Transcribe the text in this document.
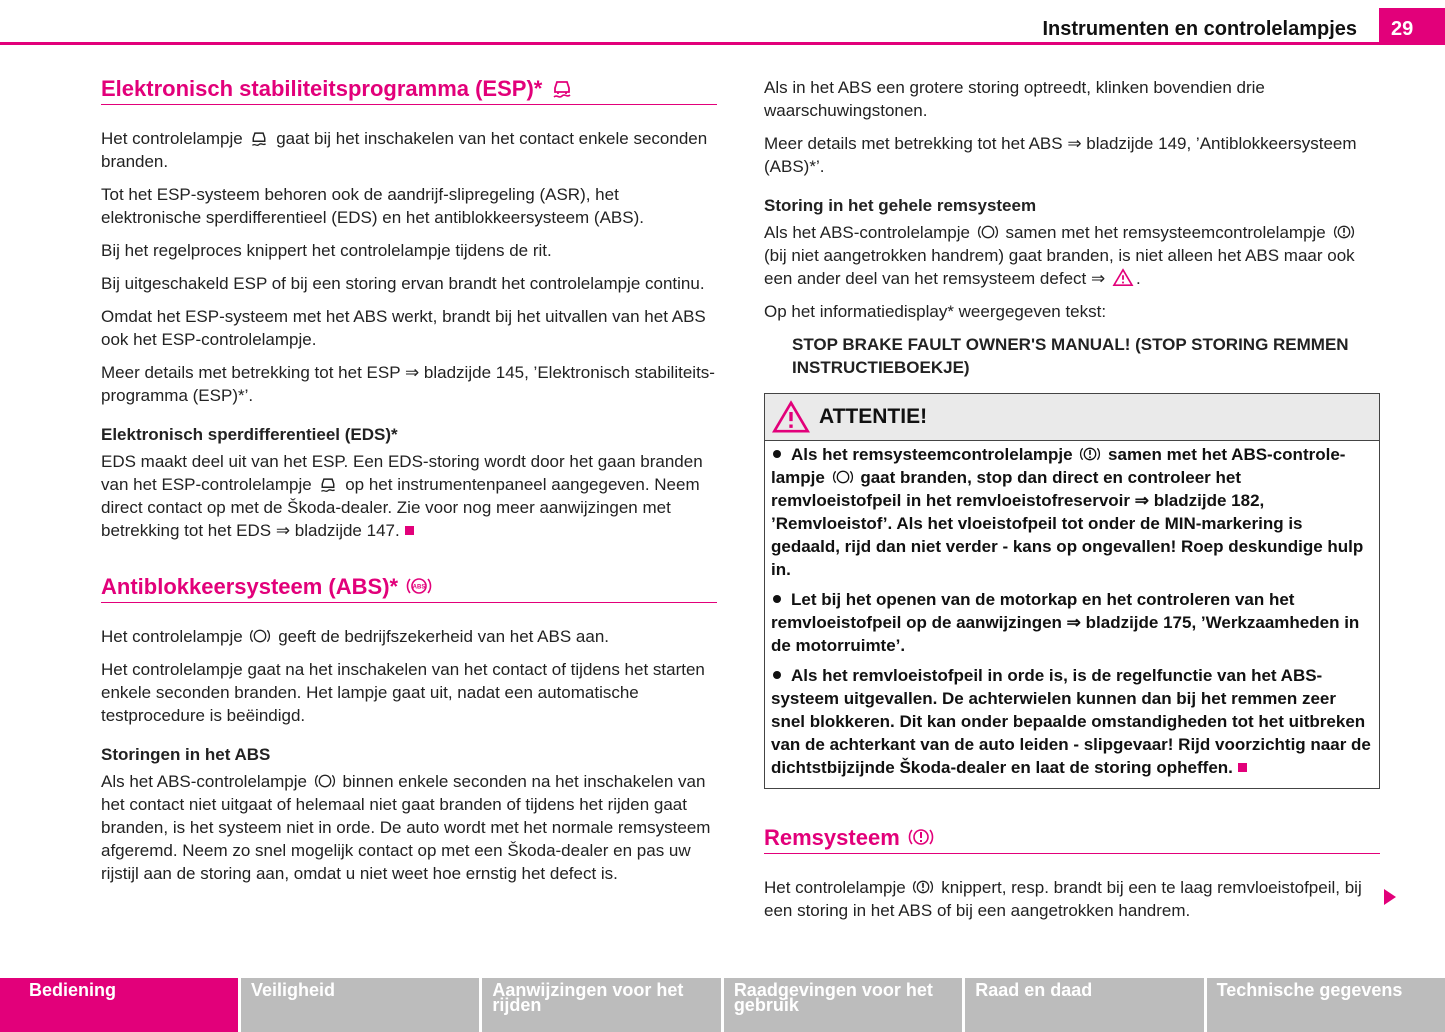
Instrumenten en controlelampjes	29
Elektronisch stabiliteitsprogramma (ESP)*

Het controlelampje gaat bij het inschakelen van het contact enkele seconden branden.

Tot het ESP-systeem behoren ook de aandrijf-slipregeling (ASR), het elektronische sperdifferentieel (EDS) en het antiblokkeersysteem (ABS).

Bij het regelproces knippert het controlelampje tijdens de rit.

Bij uitgeschakeld ESP of bij een storing ervan brandt het controlelampje continu.

Omdat het ESP-systeem met het ABS werkt, brandt bij het uitvallen van het ABS ook het ESP-controlelampje.

Meer details met betrekking tot het ESP ⇒ bladzijde 145, ’Elektronisch stabiliteitsprogramma (ESP)*’.

Elektronisch sperdifferentieel (EDS)*

EDS maakt deel uit van het ESP. Een EDS-storing wordt door het gaan branden van het ESP-controlelampje op het instrumentenpaneel aangegeven. Neem direct contact op met de Škoda-dealer. Zie voor nog meer aanwijzingen met betrekking tot het EDS ⇒ bladzijde 147.

Antiblokkeersysteem (ABS)* ABS

Het controlelampje geeft de bedrijfszekerheid van het ABS aan.

Het controlelampje gaat na het inschakelen van het contact of tijdens het starten enkele seconden branden. Het lampje gaat uit, nadat een automatische testprocedure is beëindigd.

Storingen in het ABS

Als het ABS-controlelampje binnen enkele seconden na het inschakelen van het contact niet uitgaat of helemaal niet gaat branden of tijdens het rijden gaat branden, is het systeem niet in orde. De auto wordt met het normale remsysteem afgeremd. Neem zo snel mogelijk contact op met een Škoda-dealer en pas uw rijstijl aan de storing aan, omdat u niet weet hoe ernstig het defect is.

Als in het ABS een grotere storing optreedt, klinken bovendien drie waarschuwingstonen.

Meer details met betrekking tot het ABS ⇒ bladzijde 149, ’Antiblokkeersysteem (ABS)*’.

Storing in het gehele remsysteem

Als het ABS-controlelampje samen met het remsysteemcontrolelampje  (bij niet aangetrokken handrem) gaat branden, is niet alleen het ABS maar ook een ander deel van het remsysteem defect ⇒ .

Op het informatiedisplay* weergegeven tekst:

STOP BRAKE FAULT OWNER'S MANUAL! (STOP STORING REMMEN INSTRUCTIEBOEKJE)

ATTENTIE!

Als het remsysteemcontrolelampje samen met het ABS-controlelampje gaat branden, stop dan direct en controleer het remvloeistofpeil in het remvloeistofreservoir ⇒ bladzijde 182, ’Remvloeistof’. Als het vloeistofpeil tot onder de MIN-markering is gedaald, rijd dan niet verder - kans op ongevallen! Roep deskundige hulp in.

Let bij het openen van de motorkap en het controleren van het remvloeistofpeil op de aanwijzingen ⇒ bladzijde 175, ’Werkzaamheden in de motorruimte’.

Als het remvloeistofpeil in orde is, is de regelfunctie van het ABS-systeem uitgevallen. De achterwielen kunnen dan bij het remmen zeer snel blokkeren. Dit kan onder bepaalde omstandigheden tot het uitbreken van de achterkant van de auto leiden - slipgevaar! Rijd voorzichtig naar de dichtstbijzijnde Škoda-dealer en laat de storing opheffen.

Remsysteem

Het controlelampje knippert, resp. brandt bij een te laag remvloeistofpeil, bij een storing in het ABS of bij een aangetrokken handrem.

Bediening	Veiligheid	Aanwijzingen voor het rijden
Raadgevingen voor het gebruik
Raad en daad	Technische gegevens
